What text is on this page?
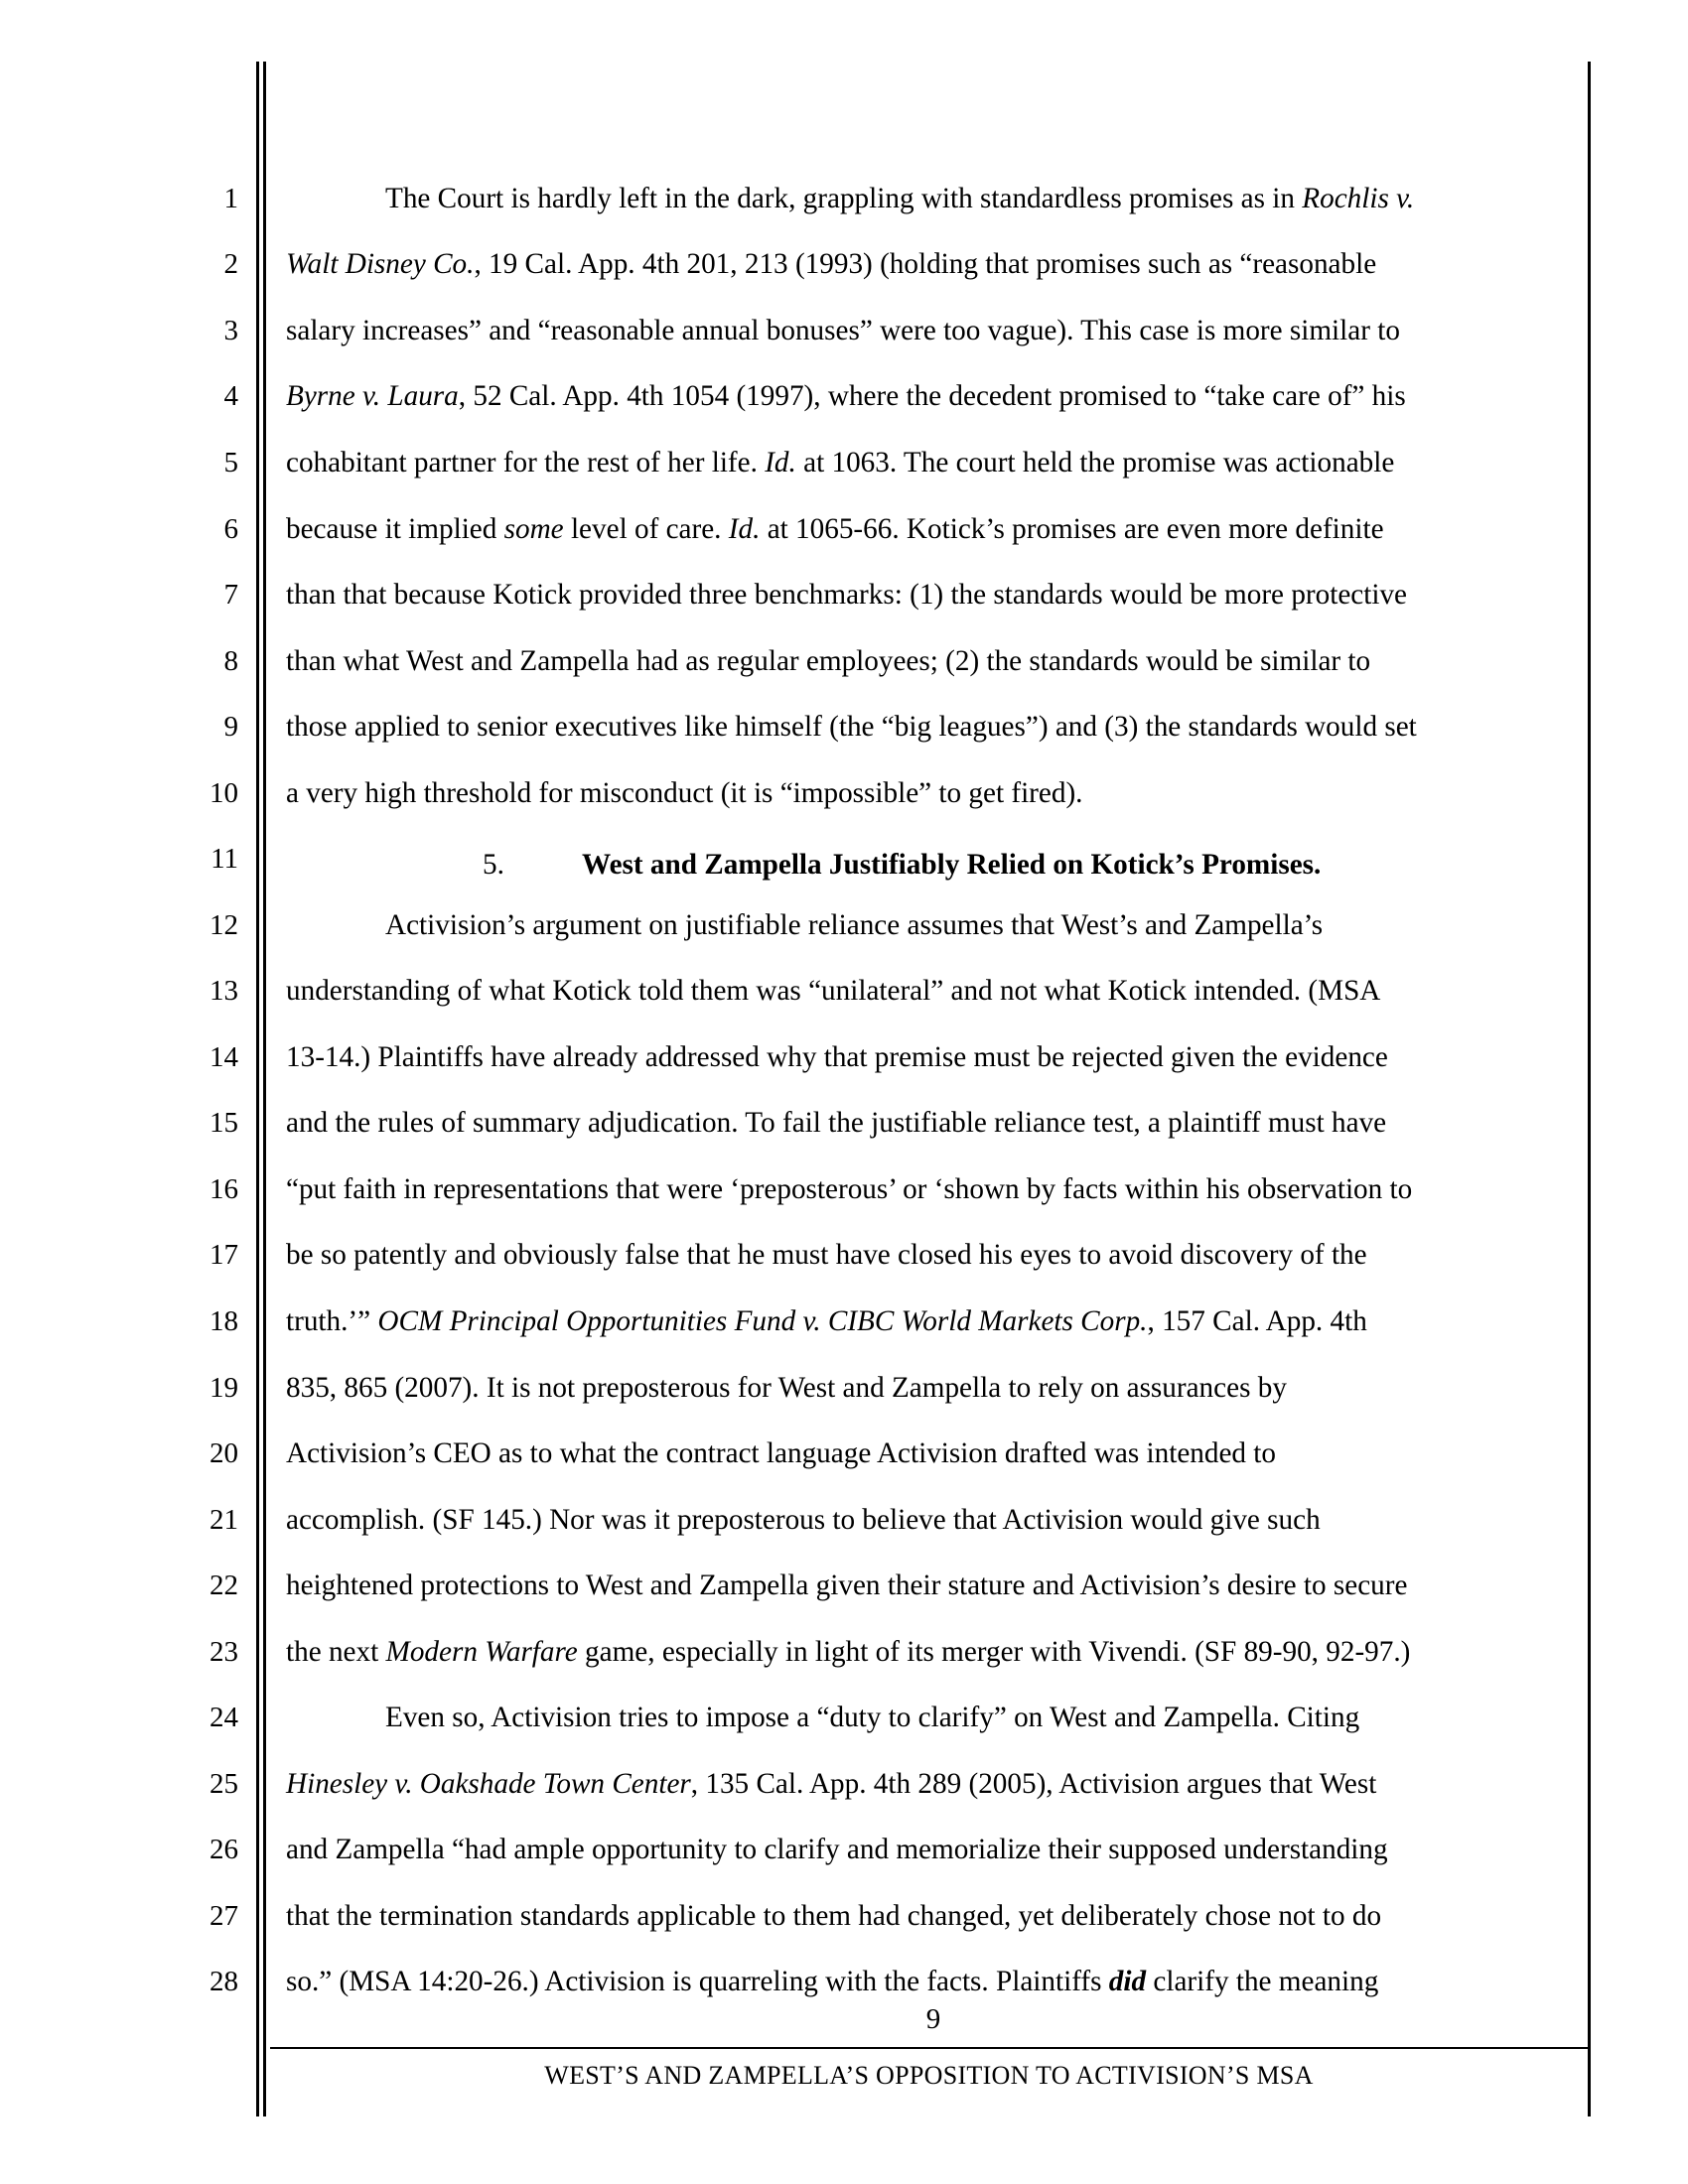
1
2
3
4
5
6
7
8
9
10
11
12
13
14
15
16
17
18
19
20
21
22
23
24
25
26
27
28
The Court is hardly left in the dark, grappling with standardless promises as in Rochlis v.
Walt Disney Co., 19 Cal. App. 4th 201, 213 (1993) (holding that promises such as “reasonable
salary increases” and “reasonable annual bonuses” were too vague). This case is more similar to
Byrne v. Laura, 52 Cal. App. 4th 1054 (1997), where the decedent promised to “take care of” his
cohabitant partner for the rest of her life. Id. at 1063. The court held the promise was actionable
because it implied some level of care. Id. at 1065-66. Kotick’s promises are even more definite
than that because Kotick provided three benchmarks: (1) the standards would be more protective
than what West and Zampella had as regular employees; (2) the standards would be similar to
those applied to senior executives like himself (the “big leagues”) and (3) the standards would set
a very high threshold for misconduct (it is “impossible” to get fired).
5.	West and Zampella Justifiably Relied on Kotick’s Promises.
Activision’s argument on justifiable reliance assumes that West’s and Zampella’s
understanding of what Kotick told them was “unilateral” and not what Kotick intended. (MSA
13-14.) Plaintiffs have already addressed why that premise must be rejected given the evidence
and the rules of summary adjudication. To fail the justifiable reliance test, a plaintiff must have
“put faith in representations that were ‘preposterous’ or ‘shown by facts within his observation to
be so patently and obviously false that he must have closed his eyes to avoid discovery of the
truth.’” OCM Principal Opportunities Fund v. CIBC World Markets Corp., 157 Cal. App. 4th
835, 865 (2007). It is not preposterous for West and Zampella to rely on assurances by
Activision’s CEO as to what the contract language Activision drafted was intended to
accomplish. (SF 145.) Nor was it preposterous to believe that Activision would give such
heightened protections to West and Zampella given their stature and Activision’s desire to secure
the next Modern Warfare game, especially in light of its merger with Vivendi. (SF 89-90, 92-97.)
Even so, Activision tries to impose a “duty to clarify” on West and Zampella. Citing
Hinesley v. Oakshade Town Center, 135 Cal. App. 4th 289 (2005), Activision argues that West
and Zampella “had ample opportunity to clarify and memorialize their supposed understanding
that the termination standards applicable to them had changed, yet deliberately chose not to do
so.” (MSA 14:20-26.) Activision is quarreling with the facts. Plaintiffs did clarify the meaning
9
WEST’S AND ZAMPELLA’S OPPOSITION TO ACTIVISION’S MSA
